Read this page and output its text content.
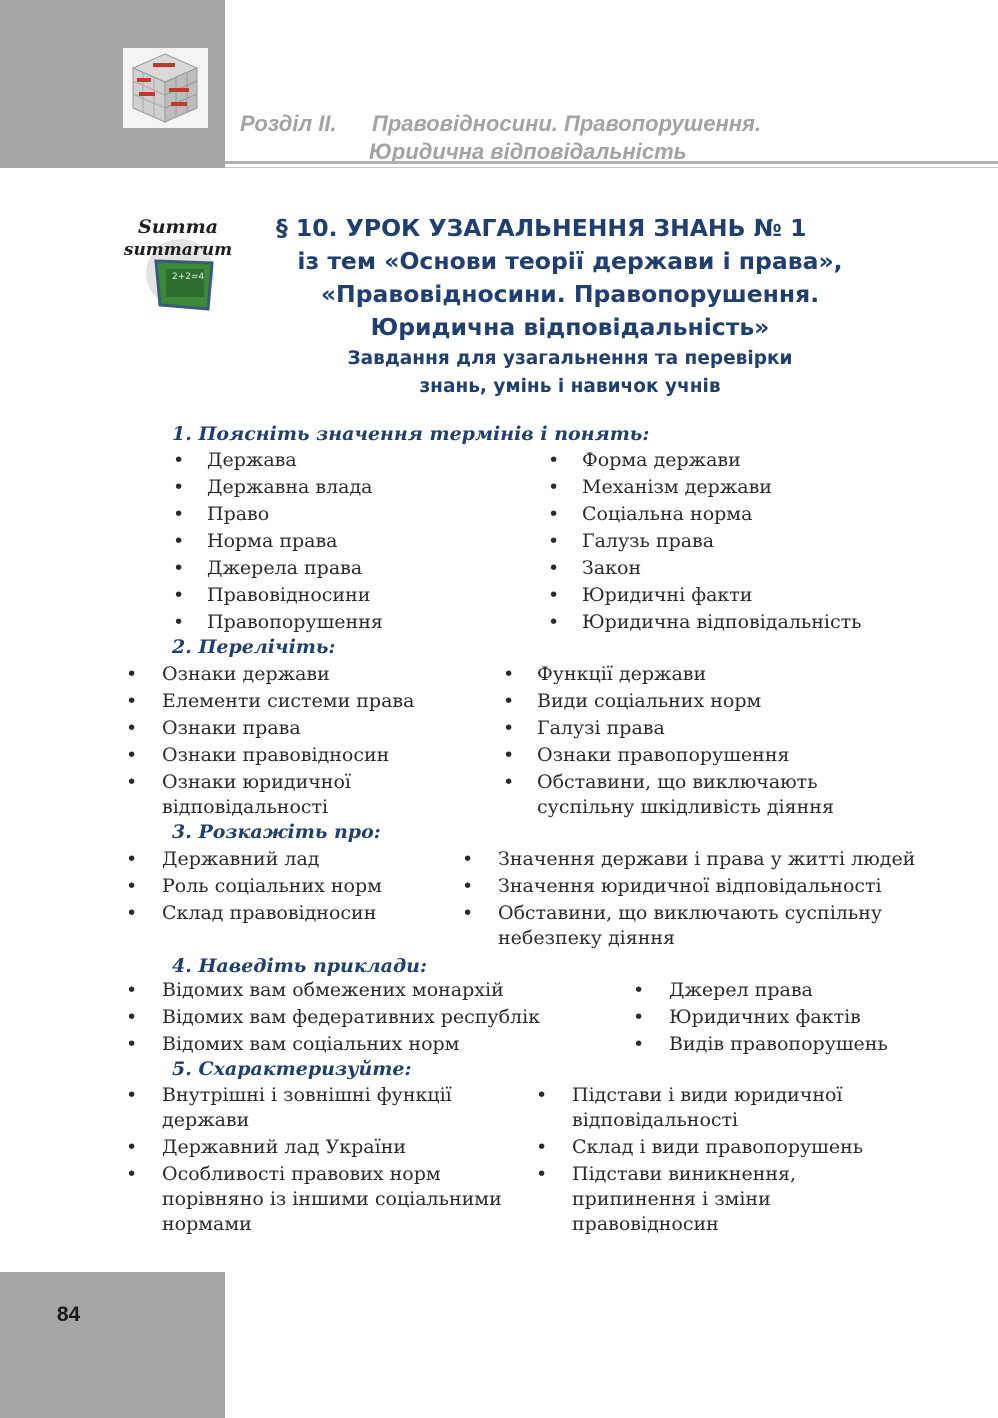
84
Розділ ІІ. Правовідносини. Правопорушення.
Юридична відповідальність
2+2=4
Summa
summarum
§ 10. УРОК УЗАГАЛЬНЕННЯ ЗНАНЬ № 1
із тем «Основи теорії держави і права»,
«Правовідносини. Правопорушення.
Юридична відповідальність»
Завдання для узагальнення та перевірки
знань, умінь і навичок учнів
1. Поясніть значення термінів і понять:
• Держава
• Державна влада
• Право
• Норма права
• Джерела права
• Правовідносини
• Правопорушення
• Форма держави
• Механізм держави
• Соціальна норма
• Галузь права
• Закон
• Юридичні факти
• Юридична відповідальність
2. Перелічіть:
• Ознаки держави
• Елементи системи права
• Ознаки права
• Ознаки правовідносин
• Ознаки юридичної відповідальності
• Функції держави
• Види соціальних норм
• Галузі права
• Ознаки правопорушення
• Обставини, що виключають суспільну шкідливість діяння
3. Розкажіть про:
• Державний лад
• Роль соціальних норм
• Склад правовідносин
• Значення держави і права у житті людей
• Значення юридичної відповідальності
• Обставини, що виключають суспільну небезпеку діяння
4. Наведіть приклади:
• Відомих вам обмежених монархій
• Відомих вам федеративних республік
• Відомих вам соціальних норм
• Джерел права
• Юридичних фактів
• Видів правопорушень
5. Схарактеризуйте:
• Внутрішні і зовнішні функції держави
• Державний лад України
• Особливості правових норм порівняно із іншими соціальними нормами
• Підстави і види юридичної відповідальності
• Склад і види правопорушень
• Підстави виникнення, припинення і зміни правовідносин
